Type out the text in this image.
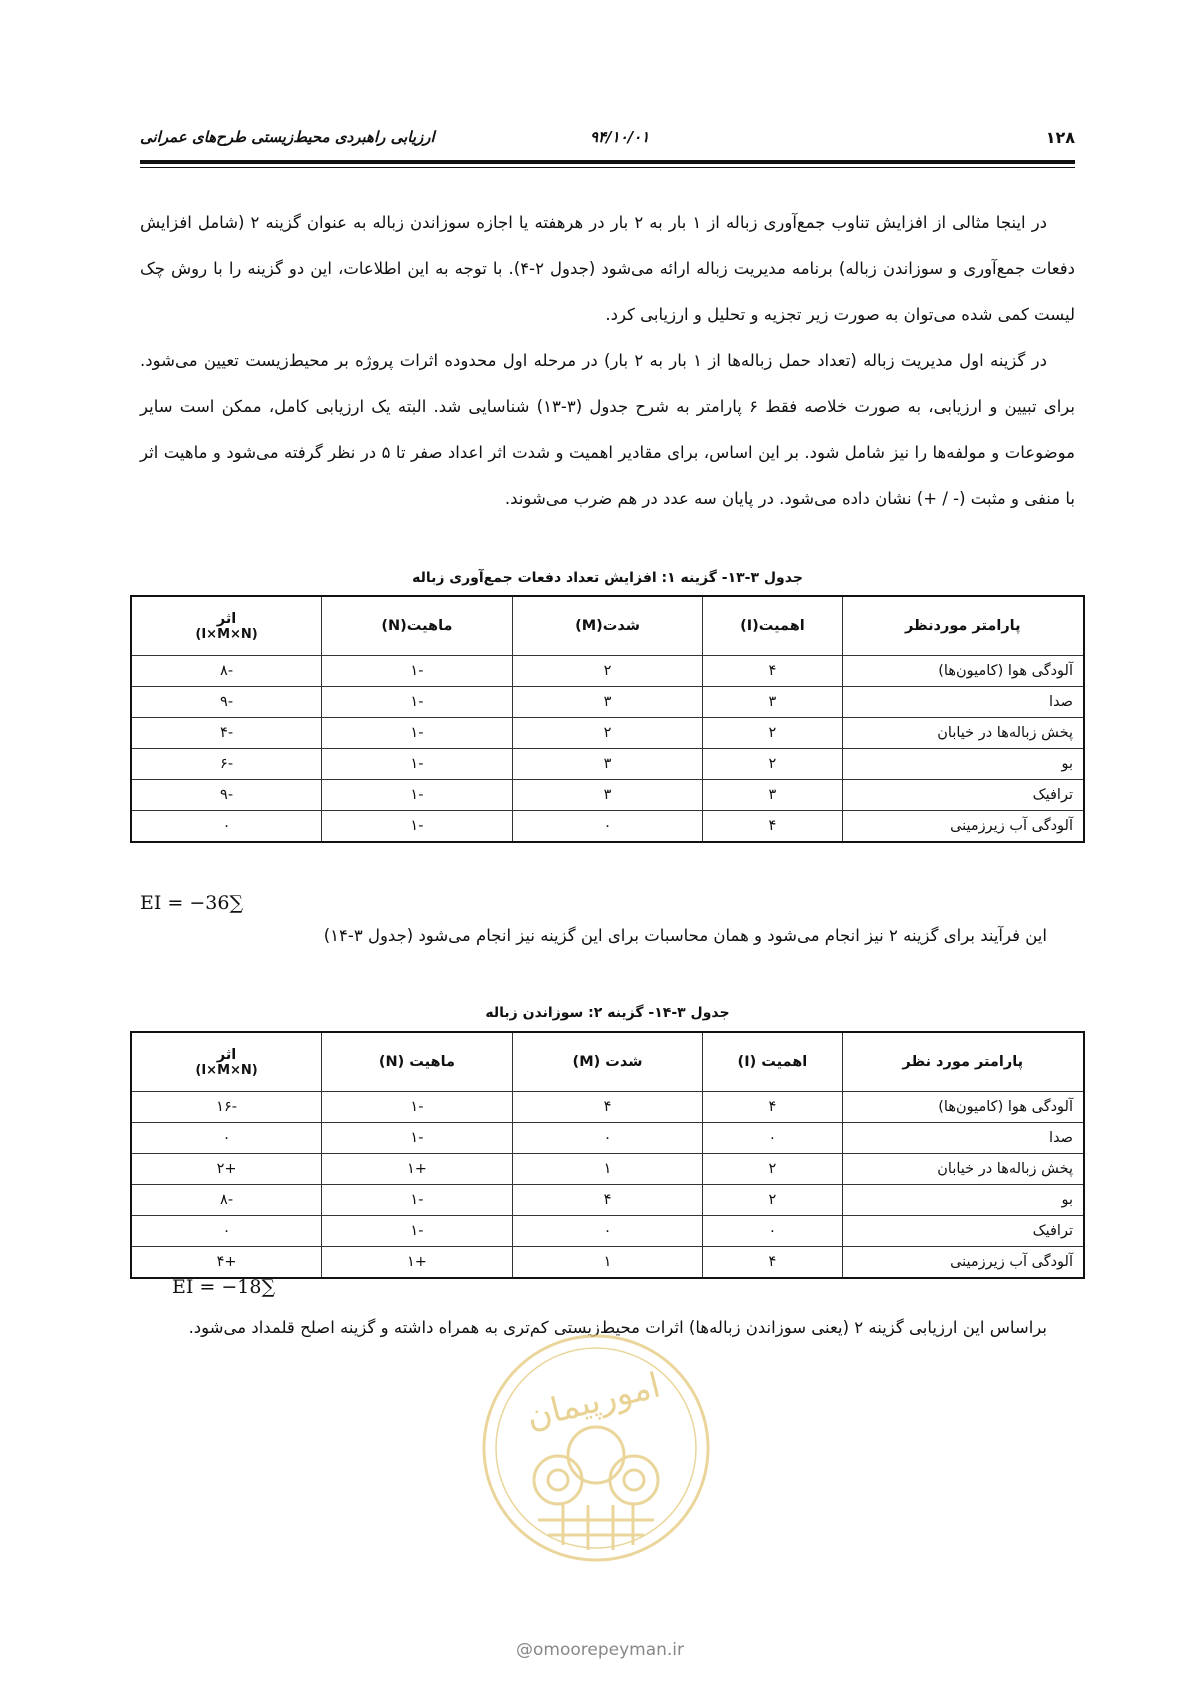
۱۲۸
۹۴/۱۰/۰۱
ارزیابی راهبردی محیط‌زیستی طرح‌های عمرانی

در اینجا مثالی از افزایش تناوب جمع‌آوری زباله از ۱ بار به ۲ بار در هرهفته یا اجازه سوزاندن زباله به عنوان گزینه ۲ (شامل افزایش دفعات جمع‌آوری و سوزاندن زباله) برنامه مدیریت زباله ارائه می‌شود (جدول ۲-۴). با توجه به این اطلاعات، این دو گزینه را با روش چک لیست کمی شده می‌توان به صورت زیر تجزیه و تحلیل و ارزیابی کرد.

در گزینه اول مدیریت زباله (تعداد حمل زباله‌ها از ۱ بار به ۲ بار) در مرحله اول محدوده اثرات پروژه بر محیط‌زیست تعیین می‌شود. برای تبیین و ارزیابی، به صورت خلاصه فقط ۶ پارامتر به شرح جدول (۳-۱۳) شناسایی شد. البته یک ارزیابی کامل، ممکن است سایر موضوعات و مولفه‌ها را نیز شامل شود. بر این اساس، برای مقادیر اهمیت و شدت اثر اعداد صفر تا ۵ در نظر گرفته می‌شود و ماهیت اثر با منفی و مثبت (- / +) نشان داده می‌شود. در پایان سه عدد در هم ضرب می‌شوند.

جدول ۳-۱۳- گزینه ۱: افزایش تعداد دفعات جمع‌آوری زباله
پارامتر موردنظر	اهمیت(I)	شدت(M)	ماهیت(N)	اثر
(I×M×N)

آلودگی هوا (کامیون‌ها)	۴	۲	-۱	-۸
صدا	۳	۳	-۱	-۹
پخش زباله‌ها در خیابان	۲	۲	-۱	-۴
بو	۲	۳	-۱	-۶
ترافیک	۳	۳	-۱	-۹
آلودگی آب زیرزمینی	۴	۰	-۱	۰
EI = −36∑

این فرآیند برای گزینه ۲ نیز انجام می‌شود و همان محاسبات برای این گزینه نیز انجام می‌شود (جدول ۳-۱۴)

جدول ۳-۱۴- گزینه ۲: سوزاندن زباله
پارامتر مورد نظر	اهمیت (I)	شدت (M)	ماهیت (N)	اثر
(I×M×N)

آلودگی هوا (کامیون‌ها)	۴	۴	-۱	-۱۶
صدا	۰	۰	-۱	۰
پخش زباله‌ها در خیابان	۲	۱	+۱	+۲
بو	۲	۴	-۱	-۸
ترافیک	۰	۰	-۱	۰
آلودگی آب زیرزمینی	۴	۱	+۱	+۴
EI = −18∑

براساس این ارزیابی گزینه ۲ (یعنی سوزاندن زباله‌ها) اثرات محیط‌زیستی کم‌تری به همراه داشته و گزینه اصلح قلمداد می‌شود.

امورپیمان
@omoorepeyman.ir
